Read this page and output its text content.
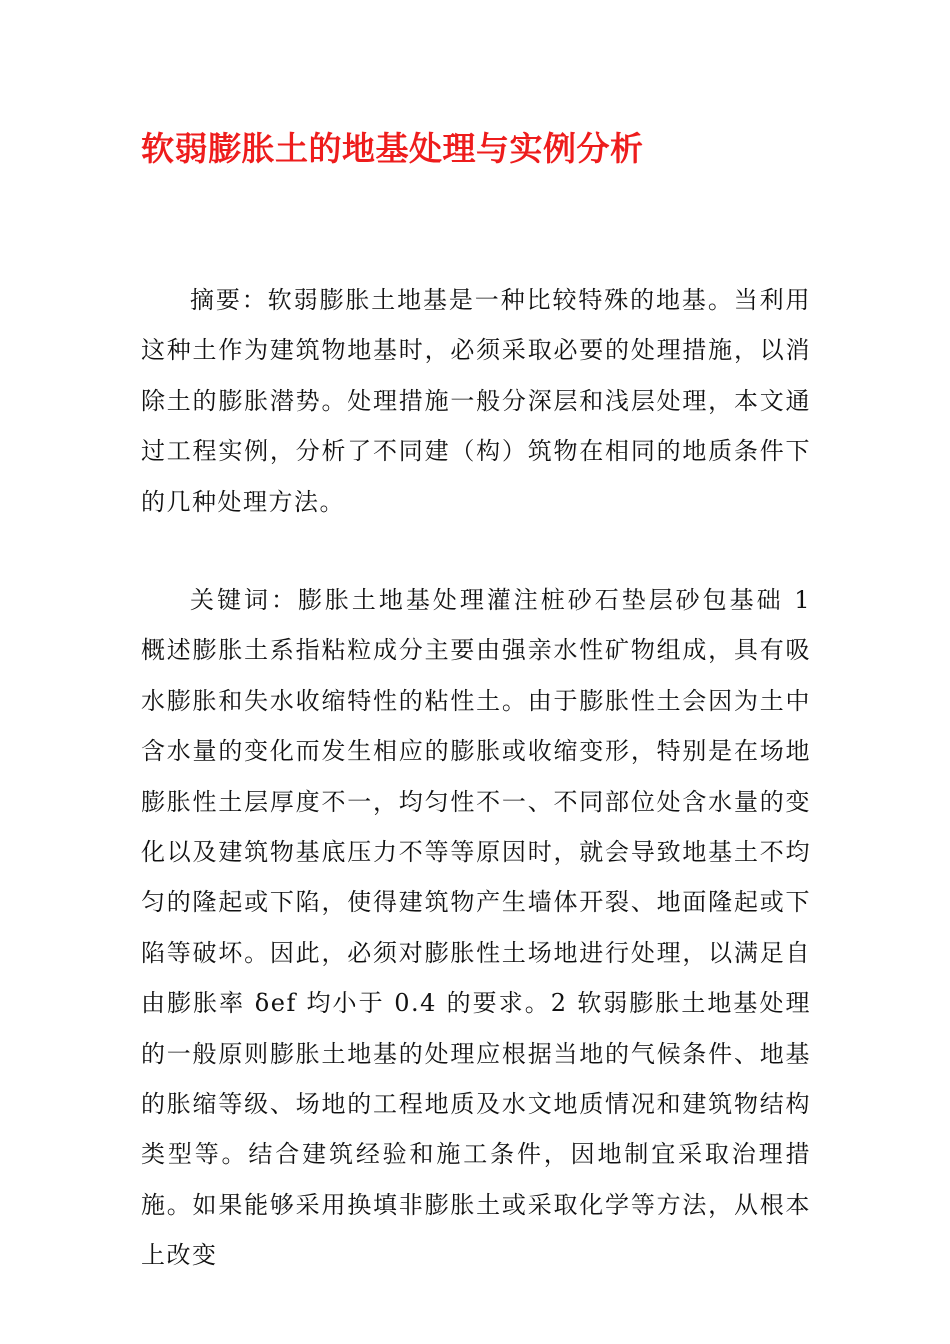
软弱膨胀土的地基处理与实例分析

摘要：软弱膨胀土地基是一种比较特殊的地基。当利用这种土作为建筑物地基时，必须采取必要的处理措施，以消除土的膨胀潜势。处理措施一般分深层和浅层处理，本文通过工程实例，分析了不同建（构）筑物在相同的地质条件下的几种处理方法。

关键词：膨胀土地基处理灌注桩砂石垫层砂包基础 1 概述膨胀土系指粘粒成分主要由强亲水性矿物组成，具有吸水膨胀和失水收缩特性的粘性土。由于膨胀性土会因为土中含水量的变化而发生相应的膨胀或收缩变形，特别是在场地膨胀性土层厚度不一，均匀性不一、不同部位处含水量的变化以及建筑物基底压力不等等原因时，就会导致地基土不均匀的隆起或下陷，使得建筑物产生墙体开裂、地面隆起或下陷等破坏。因此，必须对膨胀性土场地进行处理，以满足自由膨胀率 δef 均小于 0.4 的要求。2 软弱膨胀土地基处理的一般原则膨胀土地基的处理应根据当地的气候条件、地基的胀缩等级、场地的工程地质及水文地质情况和建筑物结构类型等。结合建筑经验和施工条件，因地制宜采取治理措施。如果能够采用换填非膨胀土或采取化学等方法，从根本上改变
